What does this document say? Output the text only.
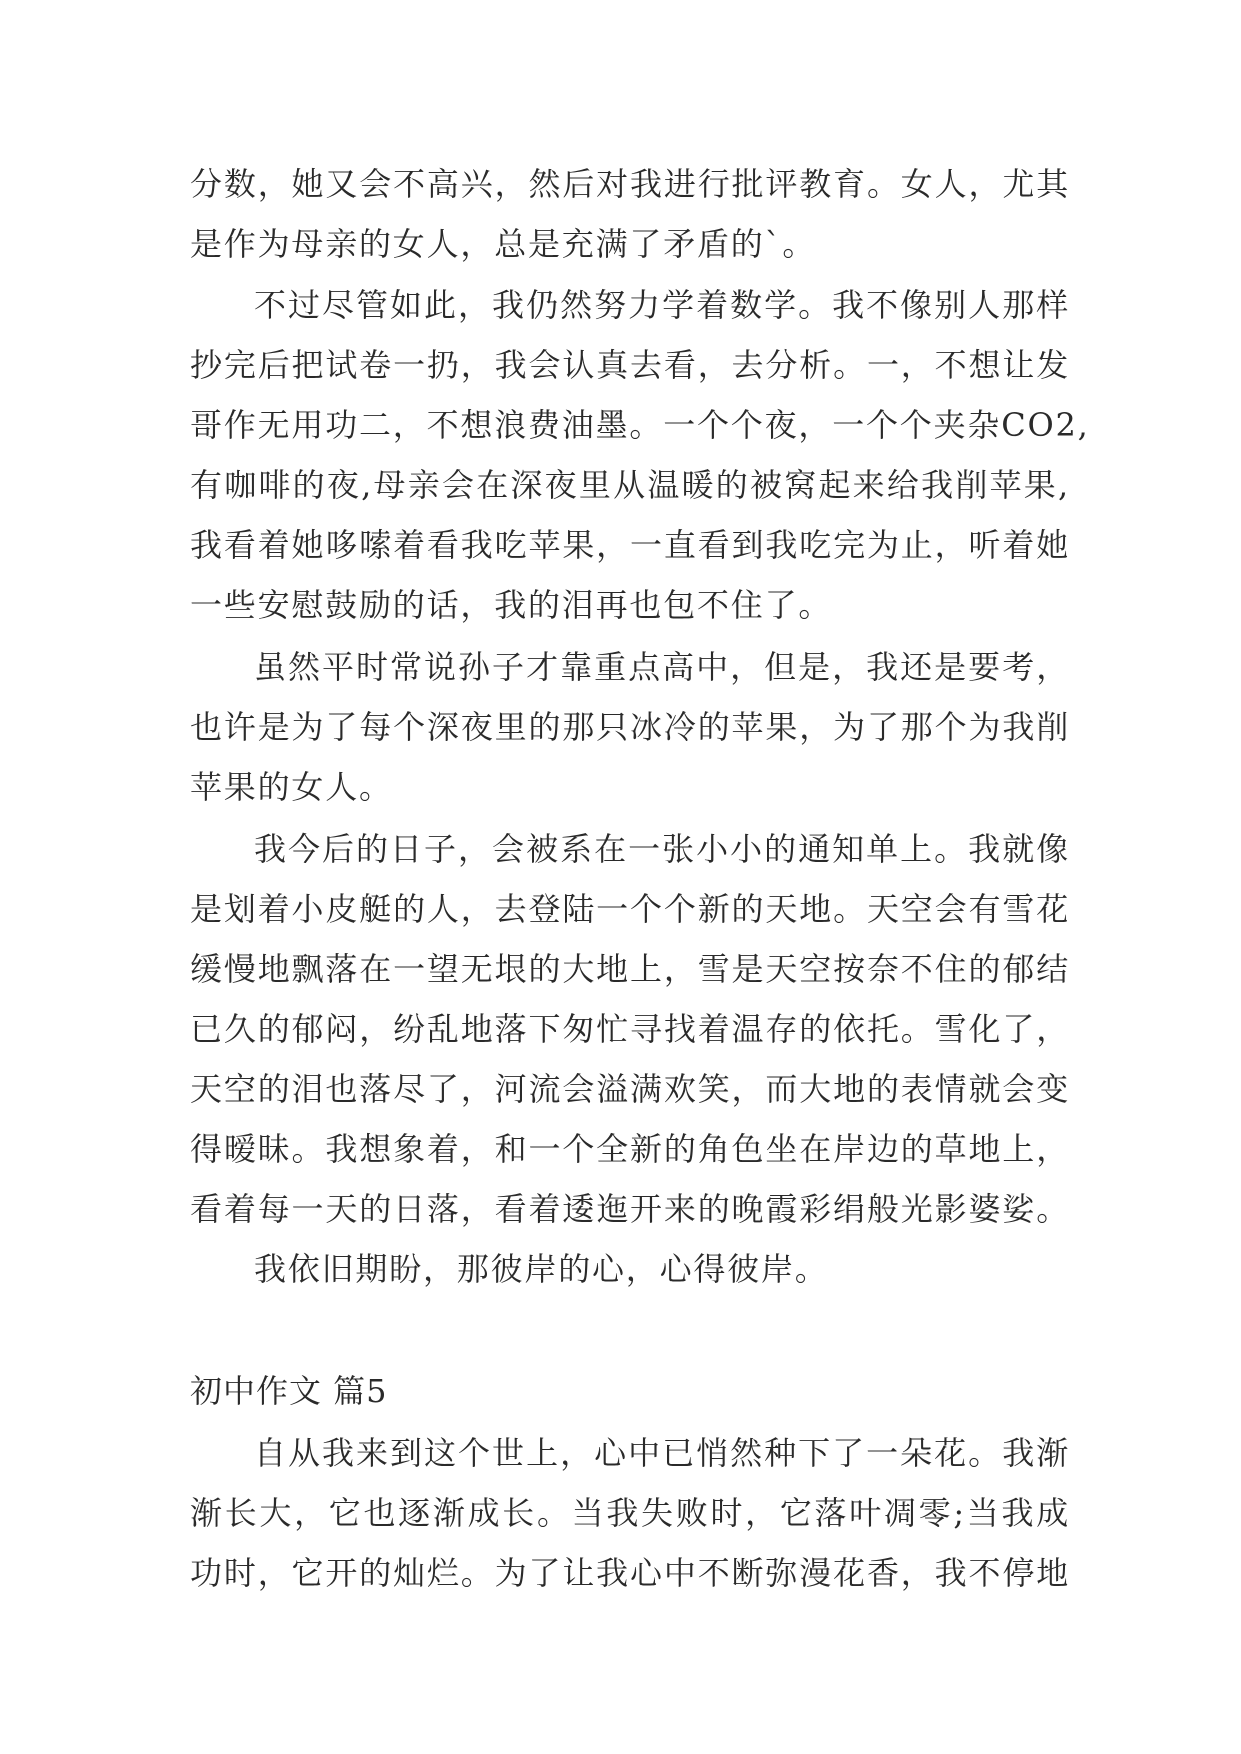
分数，她又会不高兴，然后对我进行批评教育。女人，尤其
是作为母亲的女人，总是充满了矛盾的`。
不过尽管如此，我仍然努力学着数学。我不像别人那样
抄完后把试卷一扔，我会认真去看，去分析。一，不想让发
哥作无用功二，不想浪费油墨。一个个夜，一个个夹杂CO2,
有咖啡的夜,母亲会在深夜里从温暖的被窝起来给我削苹果,
我看着她哆嗦着看我吃苹果，一直看到我吃完为止，听着她
一些安慰鼓励的话，我的泪再也包不住了。
虽然平时常说孙子才靠重点高中，但是，我还是要考，
也许是为了每个深夜里的那只冰冷的苹果，为了那个为我削
苹果的女人。
我今后的日子，会被系在一张小小的通知单上。我就像
是划着小皮艇的人，去登陆一个个新的天地。天空会有雪花
缓慢地飘落在一望无垠的大地上，雪是天空按奈不住的郁结
已久的郁闷，纷乱地落下匆忙寻找着温存的依托。雪化了，
天空的泪也落尽了，河流会溢满欢笑，而大地的表情就会变
得暧昧。我想象着，和一个全新的角色坐在岸边的草地上，
看着每一天的日落，看着逶迤开来的晚霞彩绢般光影婆娑。
我依旧期盼，那彼岸的心，心得彼岸。
初中作文 篇5
自从我来到这个世上，心中已悄然种下了一朵花。我渐
渐长大，它也逐渐成长。当我失败时，它落叶凋零;当我成
功时，它开的灿烂。为了让我心中不断弥漫花香，我不停地
